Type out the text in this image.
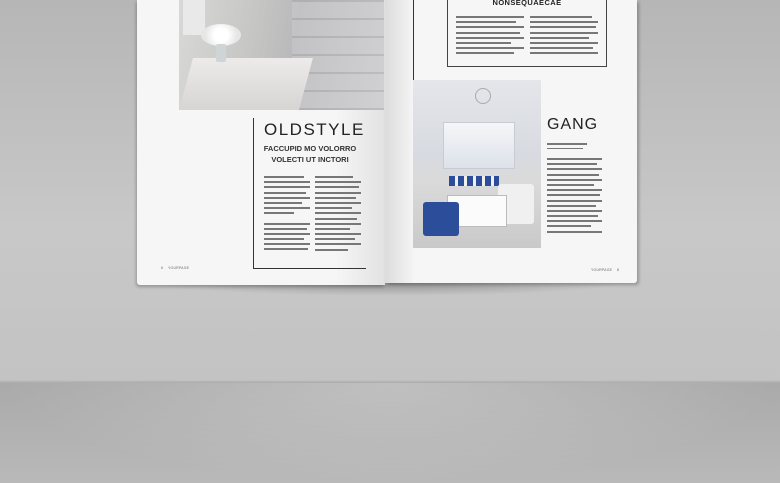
OLDSTYLE
FACCUPID MO VOLORRO
VOLECTI UT INCTORI
6 YOURPAGE
NONSEQUAECAE
GANG
YOURPAGE 8
